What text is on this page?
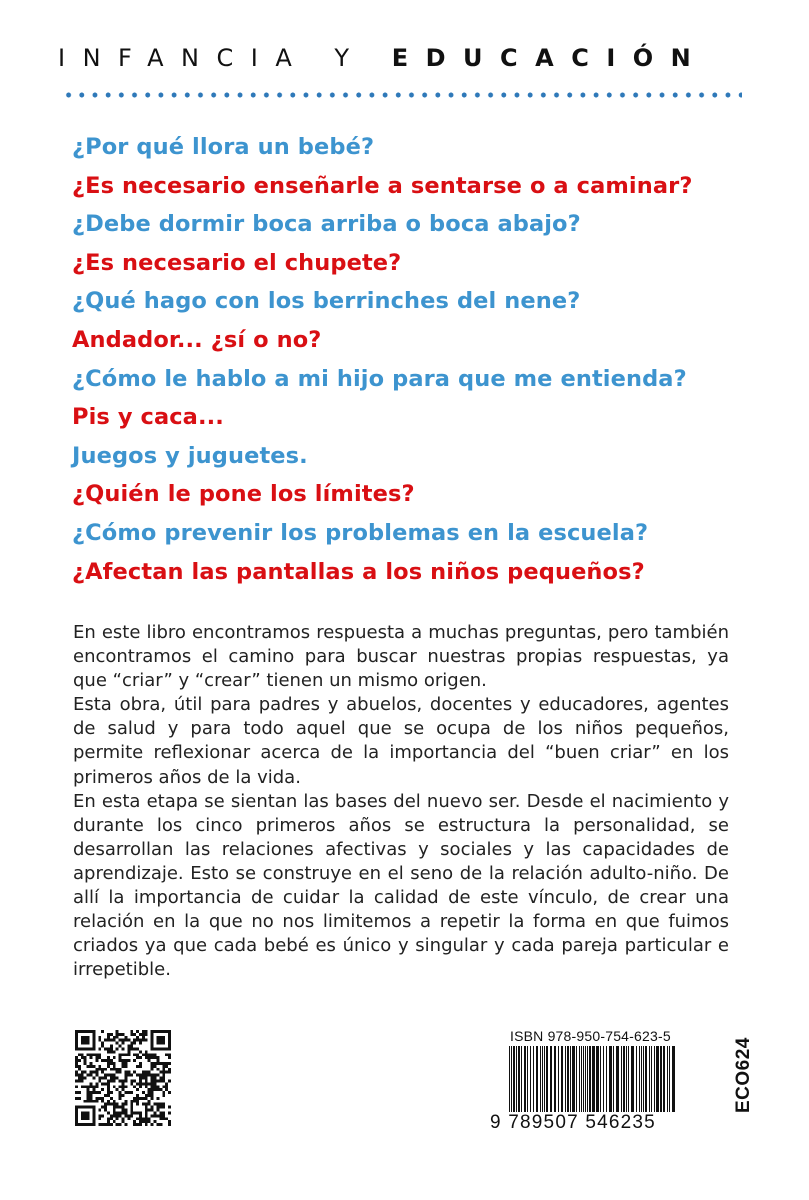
INFANCIA Y EDUCACIÓN
¿Por qué llora un bebé?
¿Es necesario enseñarle a sentarse o a caminar?
¿Debe dormir boca arriba o boca abajo?
¿Es necesario el chupete?
¿Qué hago con los berrinches del nene?
Andador... ¿sí o no?
¿Cómo le hablo a mi hijo para que me entienda?
Pis y caca...
Juegos y juguetes.
¿Quién le pone los límites?
¿Cómo prevenir los problemas en la escuela?
¿Afectan las pantallas a los niños pequeños?

En este libro encontramos respuesta a muchas preguntas, pero también encontramos el camino para buscar nuestras propias respuestas, ya que “criar” y “crear” tienen un mismo origen.

Esta obra, útil para padres y abuelos, docentes y educadores, agentes de salud y para todo aquel que se ocupa de los niños pequeños, permite reflexionar acerca de la importancia del “buen criar” en los primeros años de la vida.

En esta etapa se sientan las bases del nuevo ser. Desde el nacimiento y durante los cinco primeros años se estructura la personalidad, se desarrollan las relaciones afectivas y sociales y las capacidades de aprendizaje. Esto se construye en el seno de la relación adulto-niño. De allí la importancia de cuidar la calidad de este vínculo, de crear una relación en la que no nos limitemos a repetir la forma en que fuimos criados ya que cada bebé es único y singular y cada pareja particular e irrepetible.

ISBN 978-950-754-623-5
9 789507 546235
ECO624
